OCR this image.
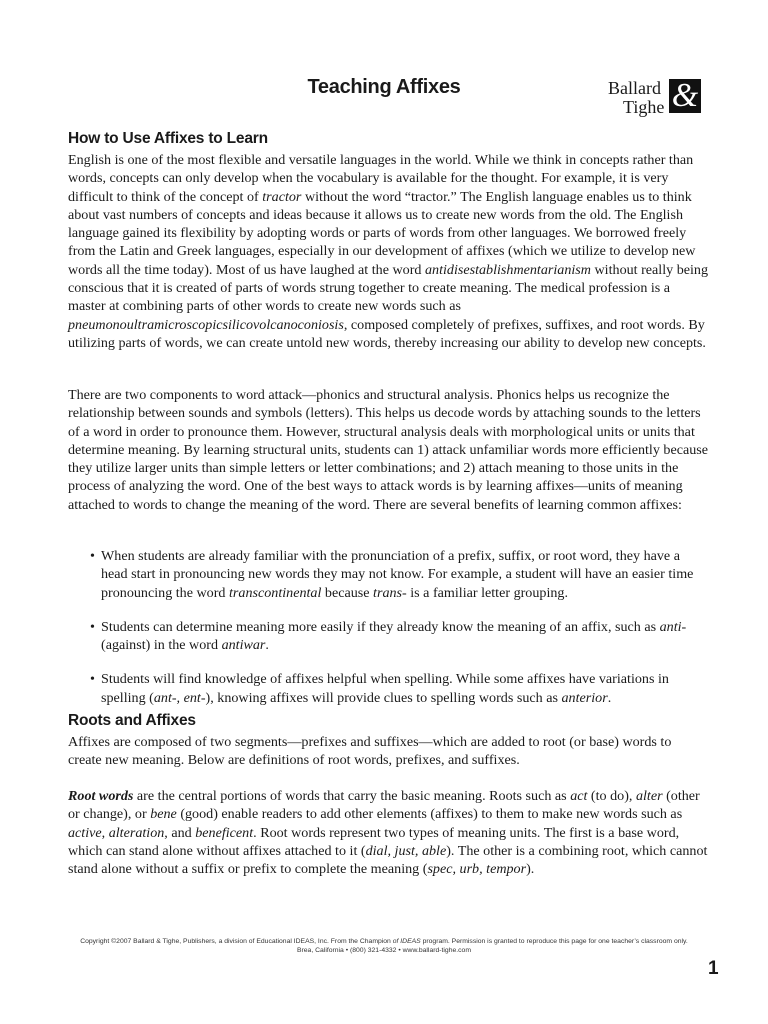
Teaching Affixes	Ballard
Tighe &
How to Use Affixes to Learn

English is one of the most flexible and versatile languages in the world. While we think in concepts rather than words, concepts can only develop when the vocabulary is available for the thought. For example, it is very difficult to think of the concept of tractor without the word “tractor.” The English language enables us to think about vast numbers of concepts and ideas because it allows us to create new words from the old. The English language gained its flexibility by adopting words or parts of words from other languages. We borrowed freely from the Latin and Greek languages, especially in our development of affixes (which we utilize to develop new words all the time today). Most of us have laughed at the word antidisestablishmentarianism without really being conscious that it is created of parts of words strung together to create meaning. The medical profession is a master at combining parts of other words to create new words such as pneumonoultramicroscopicsilicovolcanoconiosis, composed completely of prefixes, suffixes, and root words. By utilizing parts of words, we can create untold new words, thereby increasing our ability to develop new concepts.

There are two components to word attack—phonics and structural analysis. Phonics helps us recognize the relationship between sounds and symbols (letters). This helps us decode words by attaching sounds to the letters of a word in order to pronounce them. However, structural analysis deals with morphological units or units that determine meaning. By learning structural units, students can 1) attack unfamiliar words more efficiently because they utilize larger units than simple letters or letter combinations; and 2) attach meaning to those units in the process of analyzing the word. One of the best ways to attack words is by learning affixes—units of meaning attached to words to change the meaning of the word. There are several benefits of learning common affixes:

• When students are already familiar with the pronunciation of a prefix, suffix, or root word, they have a head start in pronouncing new words they may not know. For example, a student will have an easier time pronouncing the word transcontinental because trans- is a familiar letter grouping.
• Students can determine meaning more easily if they already know the meaning of an affix, such as anti- (against) in the word antiwar.
• Students will find knowledge of affixes helpful when spelling. While some affixes have variations in spelling (ant-, ent-), knowing affixes will provide clues to spelling words such as anterior.
Roots and Affixes

Affixes are composed of two segments—prefixes and suffixes—which are added to root (or base) words to create new meaning. Below are definitions of root words, prefixes, and suffixes.

Root words are the central portions of words that carry the basic meaning. Roots such as act (to do), alter (other or change), or bene (good) enable readers to add other elements (affixes) to them to make new words such as active, alteration, and beneficent. Root words represent two types of meaning units. The first is a base word, which can stand alone without affixes attached to it (dial, just, able). The other is a combining root, which cannot stand alone without a suffix or prefix to complete the meaning (spec, urb, tempor).

Copyright ©2007 Ballard & Tighe, Publishers, a division of Educational IDEAS, Inc. From the Champion of IDEAS program. Permission is granted to reproduce this page for one teacher’s classroom only.
Brea, California • (800) 321-4332 • www.ballard-tighe.com
1
